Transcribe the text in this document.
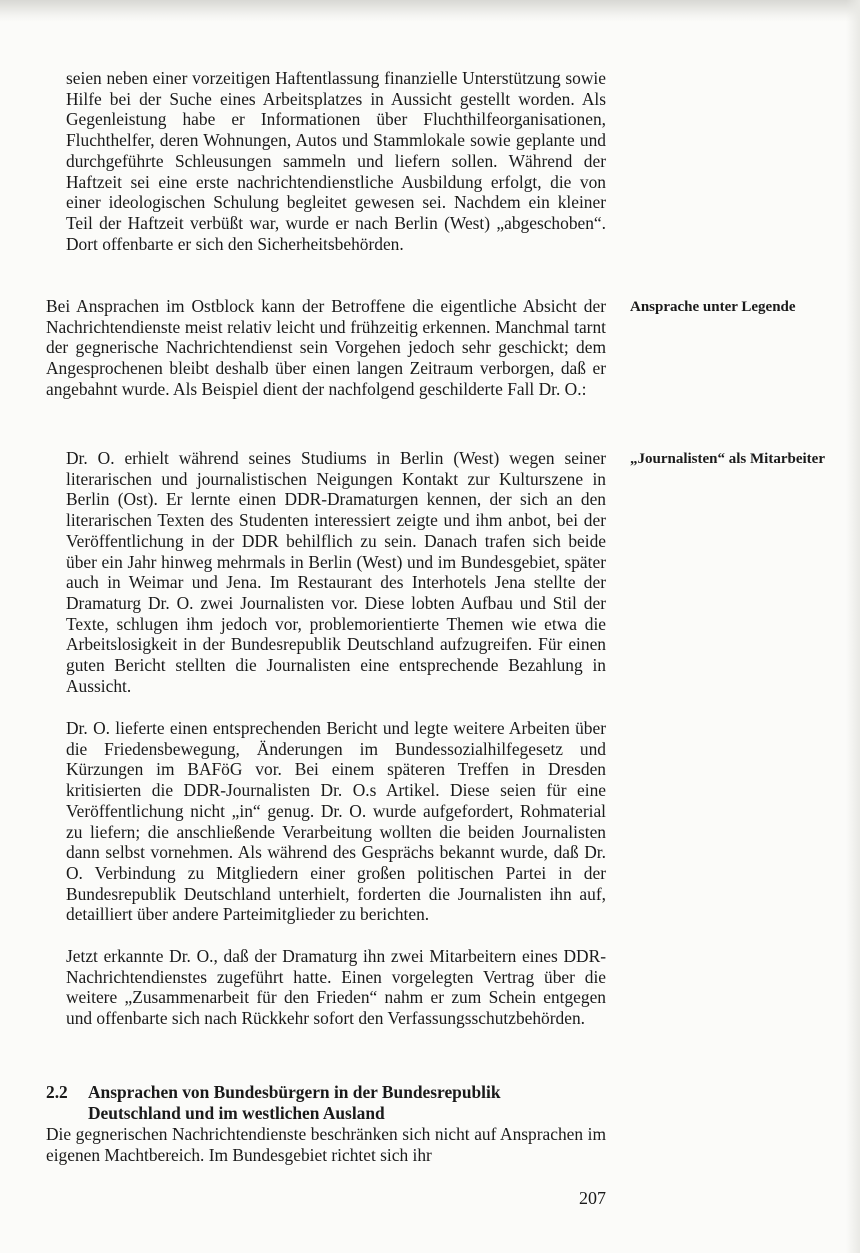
seien neben einer vorzeitigen Haftentlassung finanzielle Unterstützung sowie Hilfe bei der Suche eines Arbeitsplatzes in Aussicht gestellt worden. Als Gegenleistung habe er Informationen über Fluchthilfeorganisationen, Fluchthelfer, deren Wohnungen, Autos und Stammlokale sowie geplante und durchgeführte Schleusungen sammeln und liefern sollen. Während der Haftzeit sei eine erste nachrichtendienstliche Ausbildung erfolgt, die von einer ideologischen Schulung begleitet gewesen sei. Nachdem ein kleiner Teil der Haftzeit verbüßt war, wurde er nach Berlin (West) „abgeschoben“. Dort offenbarte er sich den Sicherheitsbehörden.

Bei Ansprachen im Ostblock kann der Betroffene die eigentliche Absicht der Nachrichtendienste meist relativ leicht und frühzeitig erkennen. Manchmal tarnt der gegnerische Nachrichtendienst sein Vorgehen jedoch sehr geschickt; dem Angesprochenen bleibt deshalb über einen langen Zeitraum verborgen, daß er angebahnt wurde. Als Beispiel dient der nachfolgend geschilderte Fall Dr. O.:

Ansprache unter Legende

Dr. O. erhielt während seines Studiums in Berlin (West) wegen seiner literarischen und journalistischen Neigungen Kontakt zur Kulturszene in Berlin (Ost). Er lernte einen DDR-Dramaturgen kennen, der sich an den literarischen Texten des Studenten interessiert zeigte und ihm anbot, bei der Veröffentlichung in der DDR behilflich zu sein. Danach trafen sich beide über ein Jahr hinweg mehrmals in Berlin (West) und im Bundesgebiet, später auch in Weimar und Jena. Im Restaurant des Interhotels Jena stellte der Dramaturg Dr. O. zwei Journalisten vor. Diese lobten Aufbau und Stil der Texte, schlugen ihm jedoch vor, problemorientierte Themen wie etwa die Arbeitslosigkeit in der Bundesrepublik Deutschland aufzugreifen. Für einen guten Bericht stellten die Journalisten eine entsprechende Bezahlung in Aussicht.

„Journalisten“ als Mitarbeiter

Dr. O. lieferte einen entsprechenden Bericht und legte weitere Arbeiten über die Friedensbewegung, Änderungen im Bundessozialhilfegesetz und Kürzungen im BAFöG vor. Bei einem späteren Treffen in Dresden kritisierten die DDR-Journalisten Dr. O.s Artikel. Diese seien für eine Veröffentlichung nicht „in“ genug. Dr. O. wurde aufgefordert, Rohmaterial zu liefern; die anschließende Verarbeitung wollten die beiden Journalisten dann selbst vornehmen. Als während des Gesprächs bekannt wurde, daß Dr. O. Verbindung zu Mitgliedern einer großen politischen Partei in der Bundesrepublik Deutschland unterhielt, forderten die Journalisten ihn auf, detailliert über andere Parteimitglieder zu berichten.

Jetzt erkannte Dr. O., daß der Dramaturg ihn zwei Mitarbeitern eines DDR-Nachrichtendienstes zugeführt hatte. Einen vorgelegten Vertrag über die weitere „Zusammenarbeit für den Frieden“ nahm er zum Schein entgegen und offenbarte sich nach Rückkehr sofort den Verfassungsschutzbehörden.

2.2 Ansprachen von Bundesbürgern in der Bundesrepublik
Deutschland und im westlichen Ausland

Die gegnerischen Nachrichtendienste beschränken sich nicht auf Ansprachen im eigenen Machtbereich. Im Bundesgebiet richtet sich ihr

207
